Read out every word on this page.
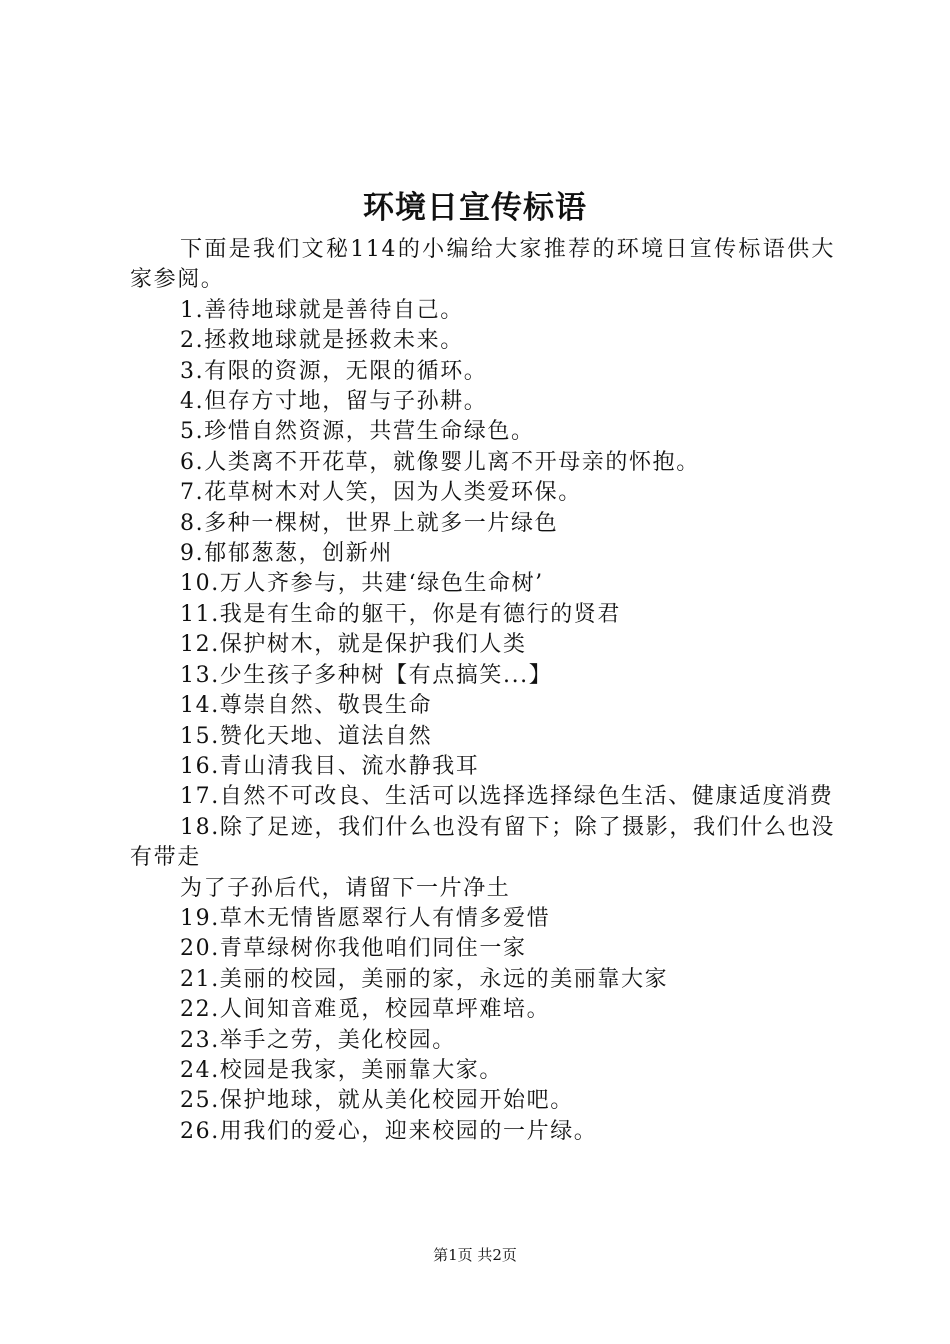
环境日宣传标语

下面是我们文秘114的小编给大家推荐的环境日宣传标语供大家参阅。

1.善待地球就是善待自己。

2.拯救地球就是拯救未来。

3.有限的资源，无限的循环。

4.但存方寸地，留与子孙耕。

5.珍惜自然资源，共营生命绿色。

6.人类离不开花草，就像婴儿离不开母亲的怀抱。

7.花草树木对人笑，因为人类爱环保。

8.多种一棵树，世界上就多一片绿色

9.郁郁葱葱，创新州

10.万人齐参与，共建‘绿色生命树’

11.我是有生命的躯干，你是有德行的贤君

12.保护树木，就是保护我们人类

13.少生孩子多种树【有点搞笑...】

14.尊崇自然、敬畏生命

15.赞化天地、道法自然

16.青山清我目、流水静我耳

17.自然不可改良、生活可以选择选择绿色生活、健康适度消费

18.除了足迹，我们什么也没有留下；除了摄影，我们什么也没有带走

为了子孙后代，请留下一片净土

19.草木无情皆愿翠行人有情多爱惜

20.青草绿树你我他咱们同住一家

21.美丽的校园，美丽的家，永远的美丽靠大家

22.人间知音难觅，校园草坪难培。

23.举手之劳，美化校园。

24.校园是我家，美丽靠大家。

25.保护地球，就从美化校园开始吧。

26.用我们的爱心，迎来校园的一片绿。

第1页 共2页
